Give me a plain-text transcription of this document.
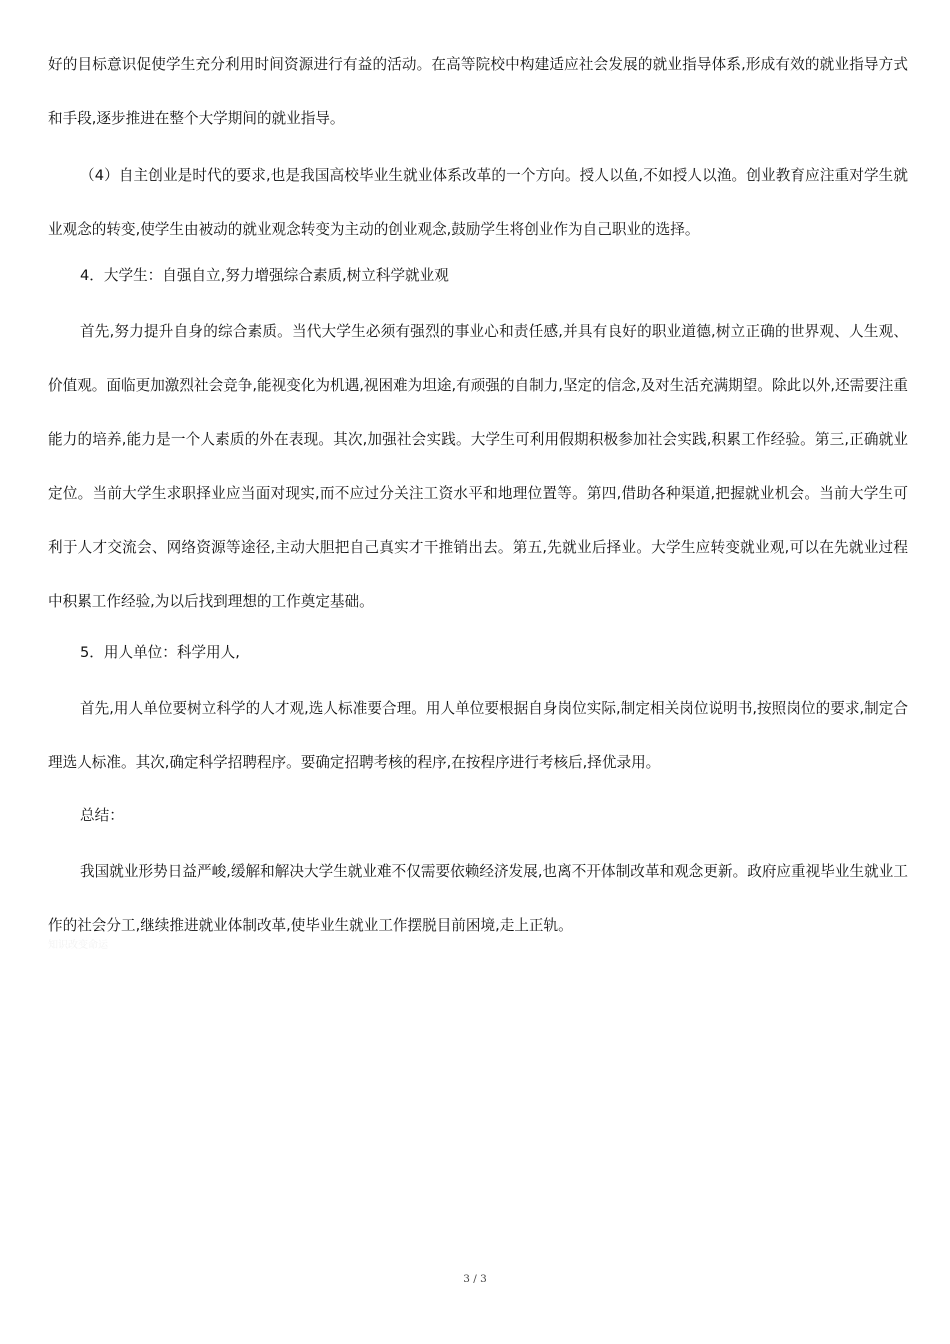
好的目标意识促使学生充分利用时间资源进行有益的活动。在高等院校中构建适应社会发展的就业指导体系,形成有效的就业指导方式和手段,逐步推进在整个大学期间的就业指导。

（4）自主创业是时代的要求,也是我国高校毕业生就业体系改革的一个方向。授人以鱼,不如授人以渔。创业教育应注重对学生就业观念的转变,使学生由被动的就业观念转变为主动的创业观念,鼓励学生将创业作为自己职业的选择。

4．大学生：自强自立,努力增强综合素质,树立科学就业观

首先,努力提升自身的综合素质。当代大学生必须有强烈的事业心和责任感,并具有良好的职业道德,树立正确的世界观、人生观、价值观。面临更加激烈社会竞争,能视变化为机遇,视困难为坦途,有顽强的自制力,坚定的信念,及对生活充满期望。除此以外,还需要注重能力的培养,能力是一个人素质的外在表现。其次,加强社会实践。大学生可利用假期积极参加社会实践,积累工作经验。第三,正确就业定位。当前大学生求职择业应当面对现实,而不应过分关注工资水平和地理位置等。第四,借助各种渠道,把握就业机会。当前大学生可利于人才交流会、网络资源等途径,主动大胆把自己真实才干推销出去。第五,先就业后择业。大学生应转变就业观,可以在先就业过程中积累工作经验,为以后找到理想的工作奠定基础。

5．用人单位：科学用人,

首先,用人单位要树立科学的人才观,选人标准要合理。用人单位要根据自身岗位实际,制定相关岗位说明书,按照岗位的要求,制定合理选人标准。其次,确定科学招聘程序。要确定招聘考核的程序,在按程序进行考核后,择优录用。

总结：

我国就业形势日益严峻,缓解和解决大学生就业难不仅需要依赖经济发展,也离不开体制改革和观念更新。政府应重视毕业生就业工作的社会分工,继续推进就业体制改革,使毕业生就业工作摆脱目前困境,走上正轨。

知识改变命运
3 / 3
